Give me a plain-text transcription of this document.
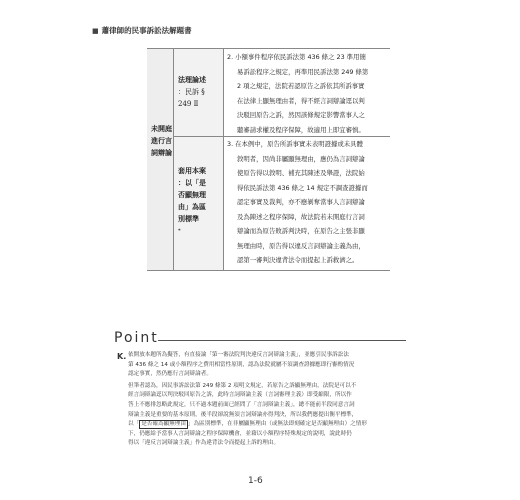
■ 蕭律師的民事訴訟法解題書
未開庭
進行言
詞辯論
法理論述
：民訴 §
249 Ⅱ
套用本案
：以「是
否顯無理
由」為區
別標準
*
2. 小額事件程序依民訴法第 436 條之 23 準用簡
易訴訟程序之規定，再準用民訴法第 249 條第
2 項之規定，法院若認原告之訴依其所訴事實
在法律上顯無理由者，得不經言詞辯論逕以判
決駁回原告之訴，然因該條規定影響當事人之
聽審請求權及程序保障，故適用上即宜審慎。
3. 在本例中，原告所訴事實未表明證據或未具體
敘明者，因尚非屬顯無理由，應仍為言詞辯論
使原告得以敘明、補充其陳述及舉證，法院始
得依民訴法第 436 條之 14 規定不調查證據而
認定事實及裁判，亦不應剝奪當事人言詞辯論
及為陳述之程序保障，故法院若未開庭行言詞
辯論而為原告敗訴判決時，在原告之主張非顯
無理由時，原告得以違反言詞辯論主義為由，
認第一審判決違背法令而提起上訴救濟之。
Point
K. 依開放本題所為擬答，有直接論「第一審法院判決違反言詞辯論主義」，並應引民事訴訟法
第 436 條之 14 或小額程序之費用相當性原則，認為法院就屬不須調查證據應即行審酌情況
認定事實，然仍應行言詞辯論者。
但筆者認為，因民事訴訟法第 249 條第 2 項明文規定，若原告之訴顯無理由，法院是可以不
經言詞辯論逕以判決駁回原告之訴，此時言詞辯論主義（言詞審理主義）即受縮限，所以作
答上不應排忽略此規定，只不過本題前面已經問了「言詞辯論主義」，總不能前半段同意言詞
辯論主義是重要的基本原則，後半段卻說無須言詞辯論亦得判決，所以我們應提出衡平標準，
以「 是否確為顯無理由 」為區別標準，在非屬顯無理由（或無法即刻確定是否顯無理由）之情形
下，仍應給予當事人言詞辯論之程序保障機會，並藉以小額程序特殊規定的說明，說此時仍
得以「違反言詞辯論主義」作為違背法令而提起上訴的理由。
1-6
